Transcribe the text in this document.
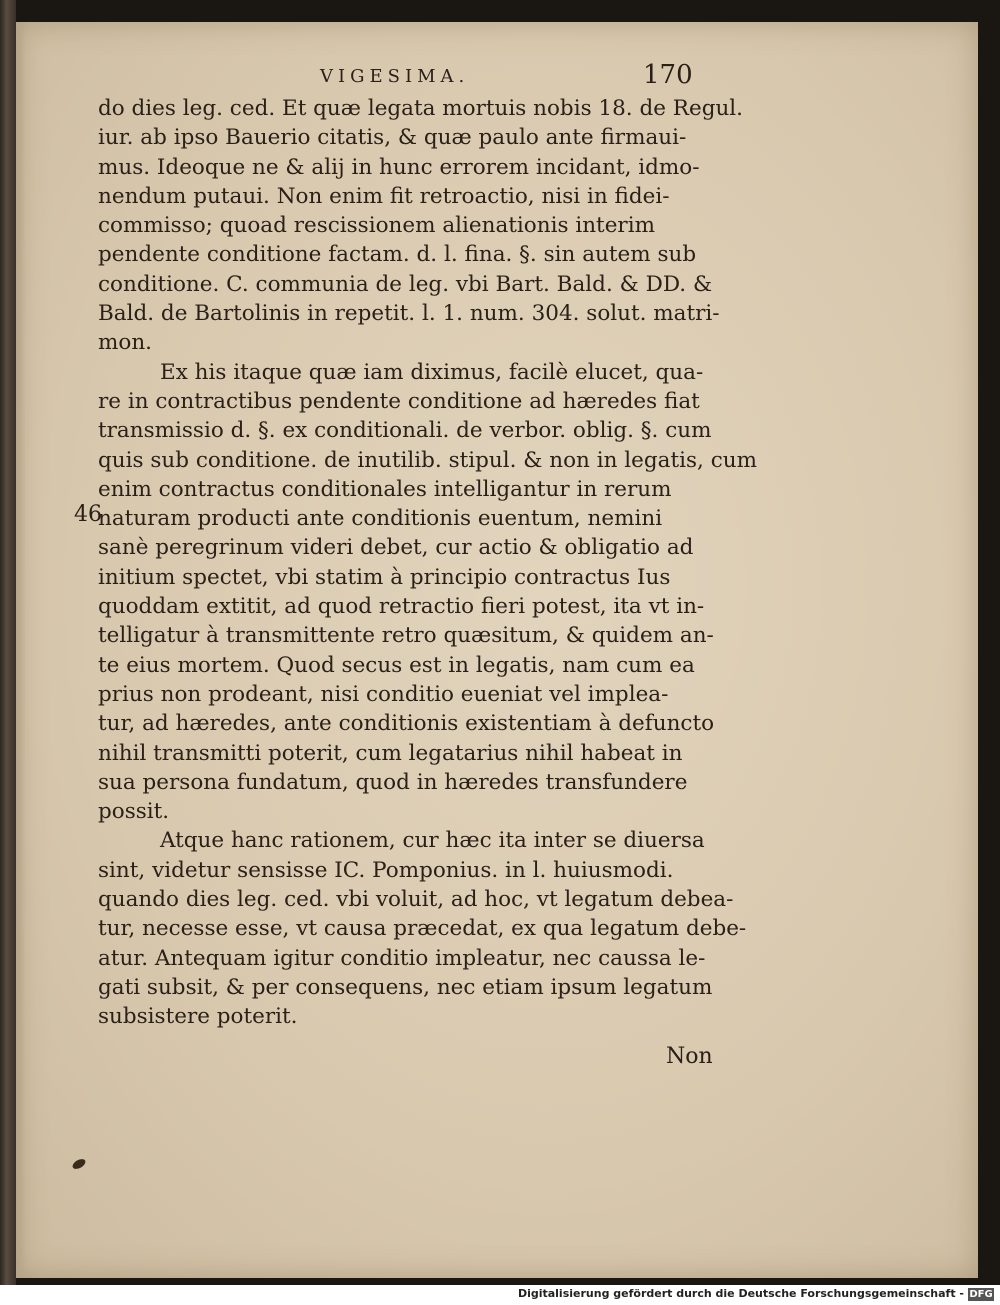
VIGESIMA.	170
46
do dies leg. ced. Et quæ legata mortuis nobis 18. de Regul.
iur. ab ipso Bauerio citatis, & quæ paulo ante firmaui-
mus. Ideoque ne & alij in hunc errorem incidant, idmo-
nendum putaui. Non enim fit retroactio, nisi in fidei-
commisso; quoad rescissionem alienationis interim
pendente conditione factam. d. l. fina. §. sin autem sub
conditione. C. communia de leg. vbi Bart. Bald. & DD. &
Bald. de Bartolinis in repetit. l. 1. num. 304. solut. matri-
mon.
Ex his itaque quæ iam diximus, facilè elucet, qua-
re in contractibus pendente conditione ad hæredes fiat
transmissio d. §. ex conditionali. de verbor. oblig. §. cum
quis sub conditione. de inutilib. stipul. & non in legatis, cum
enim contractus conditionales intelligantur in rerum
naturam producti ante conditionis euentum, nemini
sanè peregrinum videri debet, cur actio & obligatio ad
initium spectet, vbi statim à principio contractus Ius
quoddam extitit, ad quod retractio fieri potest, ita vt in-
telligatur à transmittente retro quæsitum, & quidem an-
te eius mortem. Quod secus est in legatis, nam cum ea
prius non prodeant, nisi conditio eueniat vel implea-
tur, ad hæredes, ante conditionis existentiam à defuncto
nihil transmitti poterit, cum legatarius nihil habeat in
sua persona fundatum, quod in hæredes transfundere
possit.
Atque hanc rationem, cur hæc ita inter se diuersa
sint, videtur sensisse IC. Pomponius. in l. huiusmodi.
quando dies leg. ced. vbi voluit, ad hoc, vt legatum debea-
tur, necesse esse, vt causa præcedat, ex qua legatum debe-
atur. Antequam igitur conditio impleatur, nec caussa le-
gati subsit, & per consequens, nec etiam ipsum legatum
subsistere poterit.
Non
Digitalisierung gefördert durch die Deutsche Forschungsgemeinschaft - DFG
